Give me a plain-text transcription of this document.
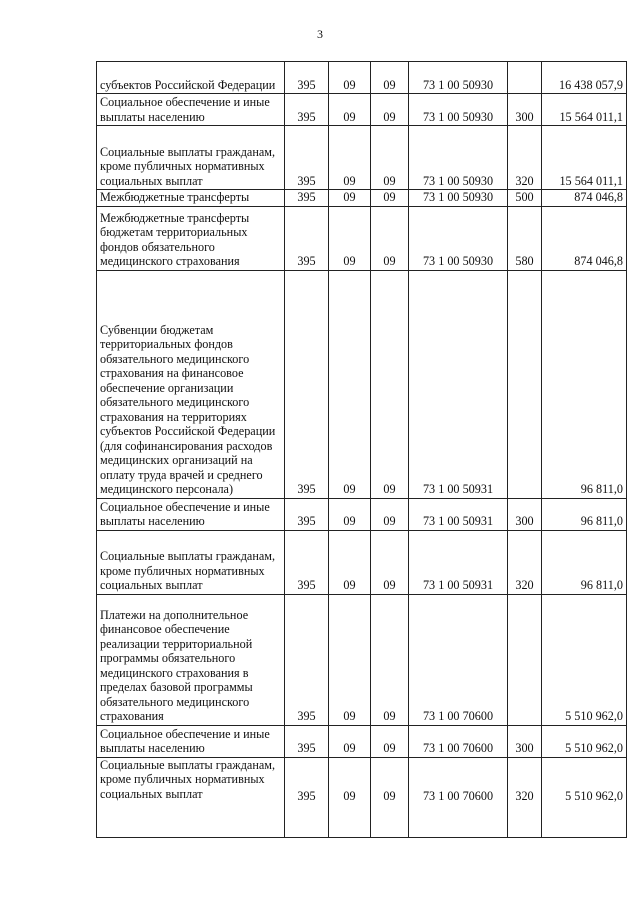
3
субъектов Российской Федерации	395	09	09	73 1 00 50930		16 438 057,9
Социальное обеспечение и иные выплаты населению	395	09	09	73 1 00 50930	300	15 564 011,1
Социальные выплаты гражданам, кроме публичных нормативных социальных выплат	395	09	09	73 1 00 50930	320	15 564 011,1
Межбюджетные трансферты	395	09	09	73 1 00 50930	500	874 046,8
Межбюджетные трансферты бюджетам территориальных фондов обязательного медицинского страхования	395	09	09	73 1 00 50930	580	874 046,8
Субвенции бюджетам территориальных фондов обязательного медицинского страхования на финансовое обеспечение организации обязательного медицинского страхования на территориях субъектов Российской Федерации (для софинансирования расходов медицинских организаций на оплату труда врачей и среднего медицинского персонала)	395	09	09	73 1 00 50931		96 811,0
Социальное обеспечение и иные выплаты населению	395	09	09	73 1 00 50931	300	96 811,0
Социальные выплаты гражданам, кроме публичных нормативных социальных выплат	395	09	09	73 1 00 50931	320	96 811,0
Платежи на дополнительное финансовое обеспечение реализации территориальной программы обязательного медицинского страхования в пределах базовой программы обязательного медицинского страхования	395	09	09	73 1 00 70600		5 510 962,0
Социальное обеспечение и иные выплаты населению	395	09	09	73 1 00 70600	300	5 510 962,0
Социальные выплаты гражданам, кроме публичных нормативных социальных выплат	395	09	09	73 1 00 70600	320	5 510 962,0
